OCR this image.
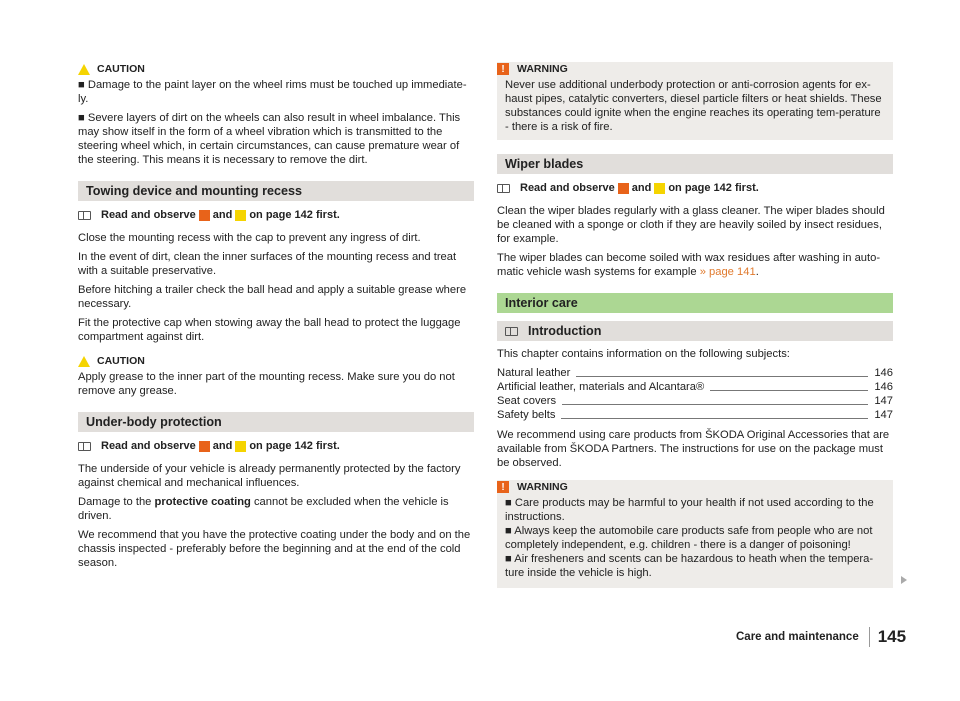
CAUTION

■ Damage to the paint layer on the wheel rims must be touched up immediate-ly.

■ Severe layers of dirt on the wheels can also result in wheel imbalance. This may show itself in the form of a wheel vibration which is transmitted to the steering wheel which, in certain circumstances, can cause premature wear of the steering. This means it is necessary to remove the dirt.

Towing device and mounting recess
Read and observe and on page 142 first.

Close the mounting recess with the cap to prevent any ingress of dirt.

In the event of dirt, clean the inner surfaces of the mounting recess and treat with a suitable preservative.

Before hitching a trailer check the ball head and apply a suitable grease where necessary.

Fit the protective cap when stowing away the ball head to protect the luggage compartment against dirt.

CAUTION

Apply grease to the inner part of the mounting recess. Make sure you do not remove any grease.

Under-body protection
Read and observe and on page 142 first.

The underside of your vehicle is already permanently protected by the factory against chemical and mechanical influences.

Damage to the protective coating cannot be excluded when the vehicle is driven.

We recommend that you have the protective coating under the body and on the chassis inspected - preferably before the beginning and at the end of the cold season.

!	WARNING

Never use additional underbody protection or anti-corrosion agents for ex-haust pipes, catalytic converters, diesel particle filters or heat shields. These substances could ignite when the engine reaches its operating tem-perature - there is a risk of fire.

Wiper blades
Read and observe and on page 142 first.

Clean the wiper blades regularly with a glass cleaner. The wiper blades should be cleaned with a sponge or cloth if they are heavily soiled by insect residues, for example.

The wiper blades can become soiled with wax residues after washing in auto-matic vehicle wash systems for example » page 141.

Interior care
Introduction

This chapter contains information on the following subjects:

Natural leather	146
Artificial leather, materials and Alcantara®	146
Seat covers	147
Safety belts	147

We recommend using care products from ŠKODA Original Accessories that are available from ŠKODA Partners. The instructions for use on the package must be observed.

!	WARNING

■ Care products may be harmful to your health if not used according to the instructions.

■ Always keep the automobile care products safe from people who are not completely independent, e.g. children - there is a danger of poisoning!

■ Air fresheners and scents can be hazardous to heath when the tempera-ture inside the vehicle is high.

Care and maintenance	145
